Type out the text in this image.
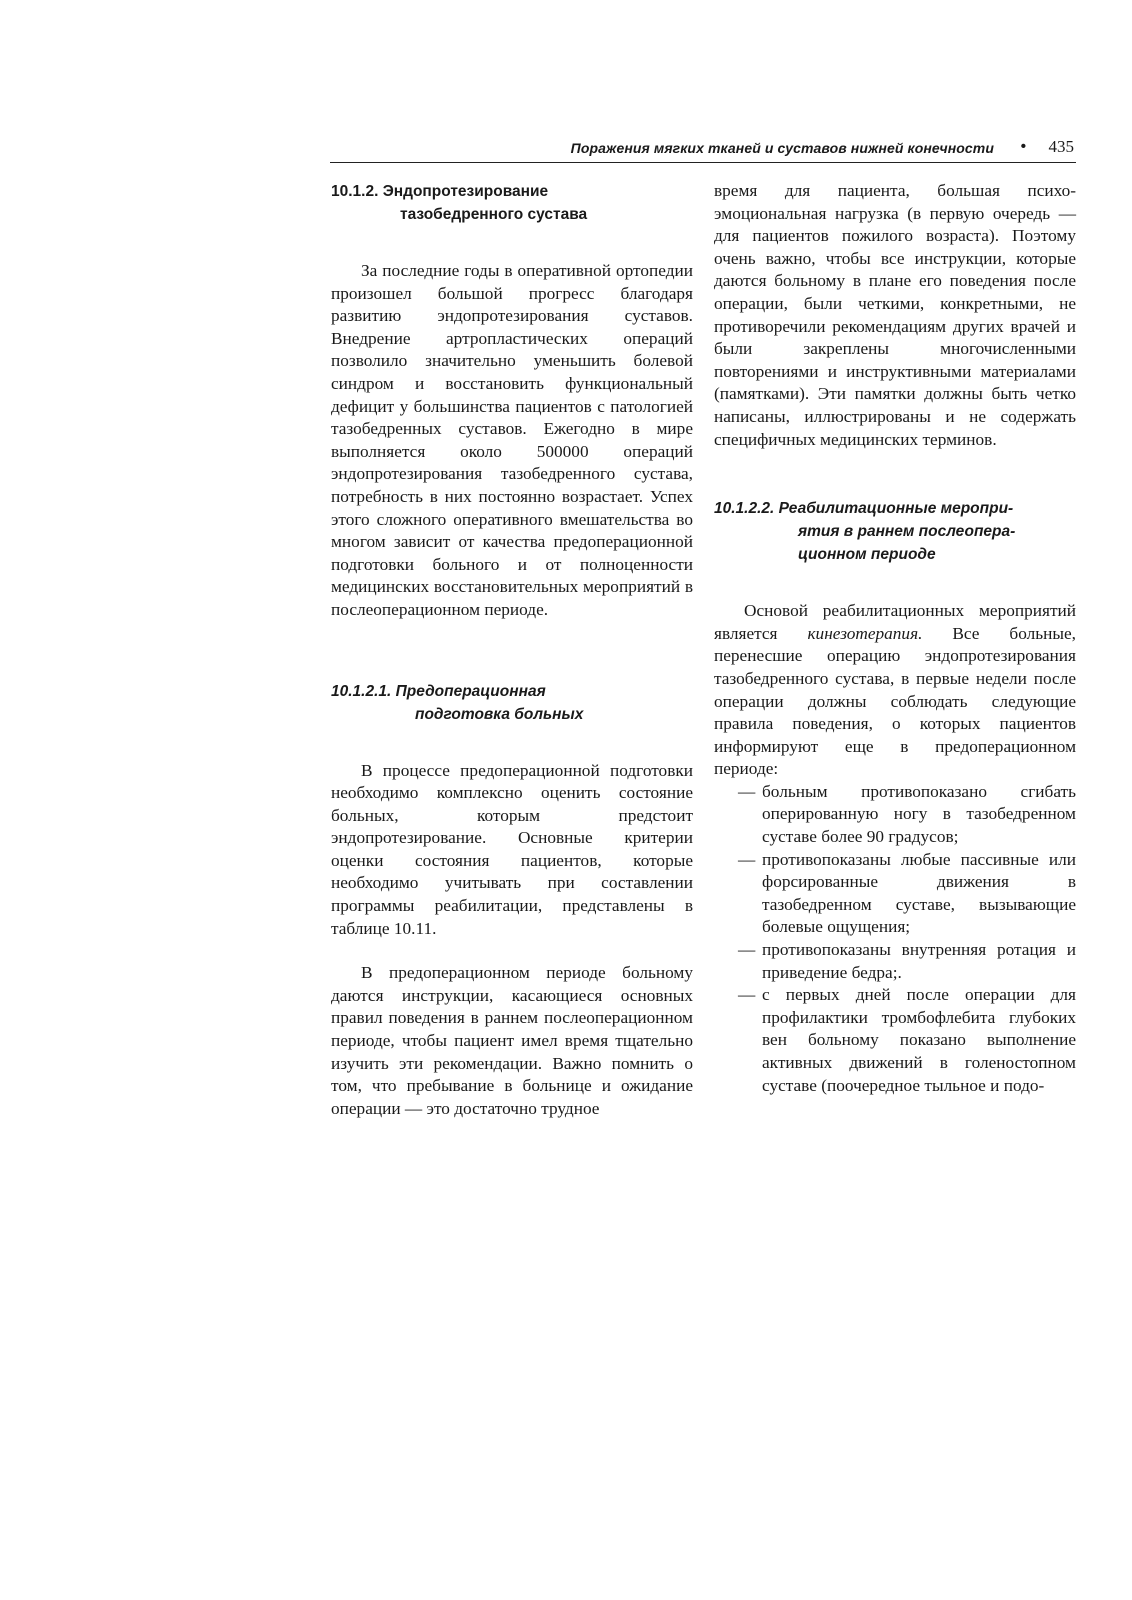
Поражения мягких тканей и суставов нижней конечности • 435
10.1.2. Эндопротезирование
тазобедренного сустава

За последние годы в оперативной ортопедии произошел большой прогресс благодаря развитию эндопротезирования суставов. Внедрение артропластических операций позволило значительно уменьшить болевой синдром и восстановить функциональный дефицит у большинства пациентов с патологией тазобедренных суставов. Ежегодно в мире выполняется около 500000 операций эндопротезирования тазобедренного сустава, потребность в них постоянно возрастает. Успех этого сложного оперативного вмешательства во многом зависит от качества предоперационной подготовки больного и от полноценности медицинских восстановительных мероприятий в послеоперационном периоде.

10.1.2.1. Предоперационная
подготовка больных

В процессе предоперационной подготовки необходимо комплексно оценить состояние больных, которым предстоит эндопротезирование. Основные критерии оценки состояния пациентов, которые необходимо учитывать при составлении программы реабилитации, представлены в таблице 10.11.

В предоперационном периоде больному даются инструкции, касающиеся основных правил поведения в раннем послеоперационном периоде, чтобы пациент имел время тщательно изучить эти рекомендации. Важно помнить о том, что пребывание в больнице и ожидание операции — это достаточно трудное

время для пациента, большая психо-эмоциональная нагрузка (в первую очередь — для пациентов пожилого возраста). Поэтому очень важно, чтобы все инструкции, которые даются больному в плане его поведения после операции, были четкими, конкретными, не противоречили рекомендациям других врачей и были закреплены многочисленными повторениями и инструктивными материалами (памятками). Эти памятки должны быть четко написаны, иллюстрированы и не содержать специфичных медицинских терминов.

10.1.2.2. Реабилитационные меропри-
ятия в раннем послеопера-
ционном периоде

Основой реабилитационных мероприятий является кинезотерапия. Все больные, перенесшие операцию эндопротезирования тазобедренного сустава, в первые недели после операции должны соблюдать следующие правила поведения, о которых пациентов информируют еще в предоперационном периоде:

— больным противопоказано сгибать оперированную ногу в тазобедренном суставе более 90 градусов;
— противопоказаны любые пассивные или форсированные движения в тазобедренном суставе, вызывающие болевые ощущения;
— противопоказаны внутренняя ротация и приведение бедра;.
— с первых дней после операции для профилактики тромбофлебита глубоких вен больному показано выполнение активных движений в голеностопном суставе (поочередное тыльное и подо-
